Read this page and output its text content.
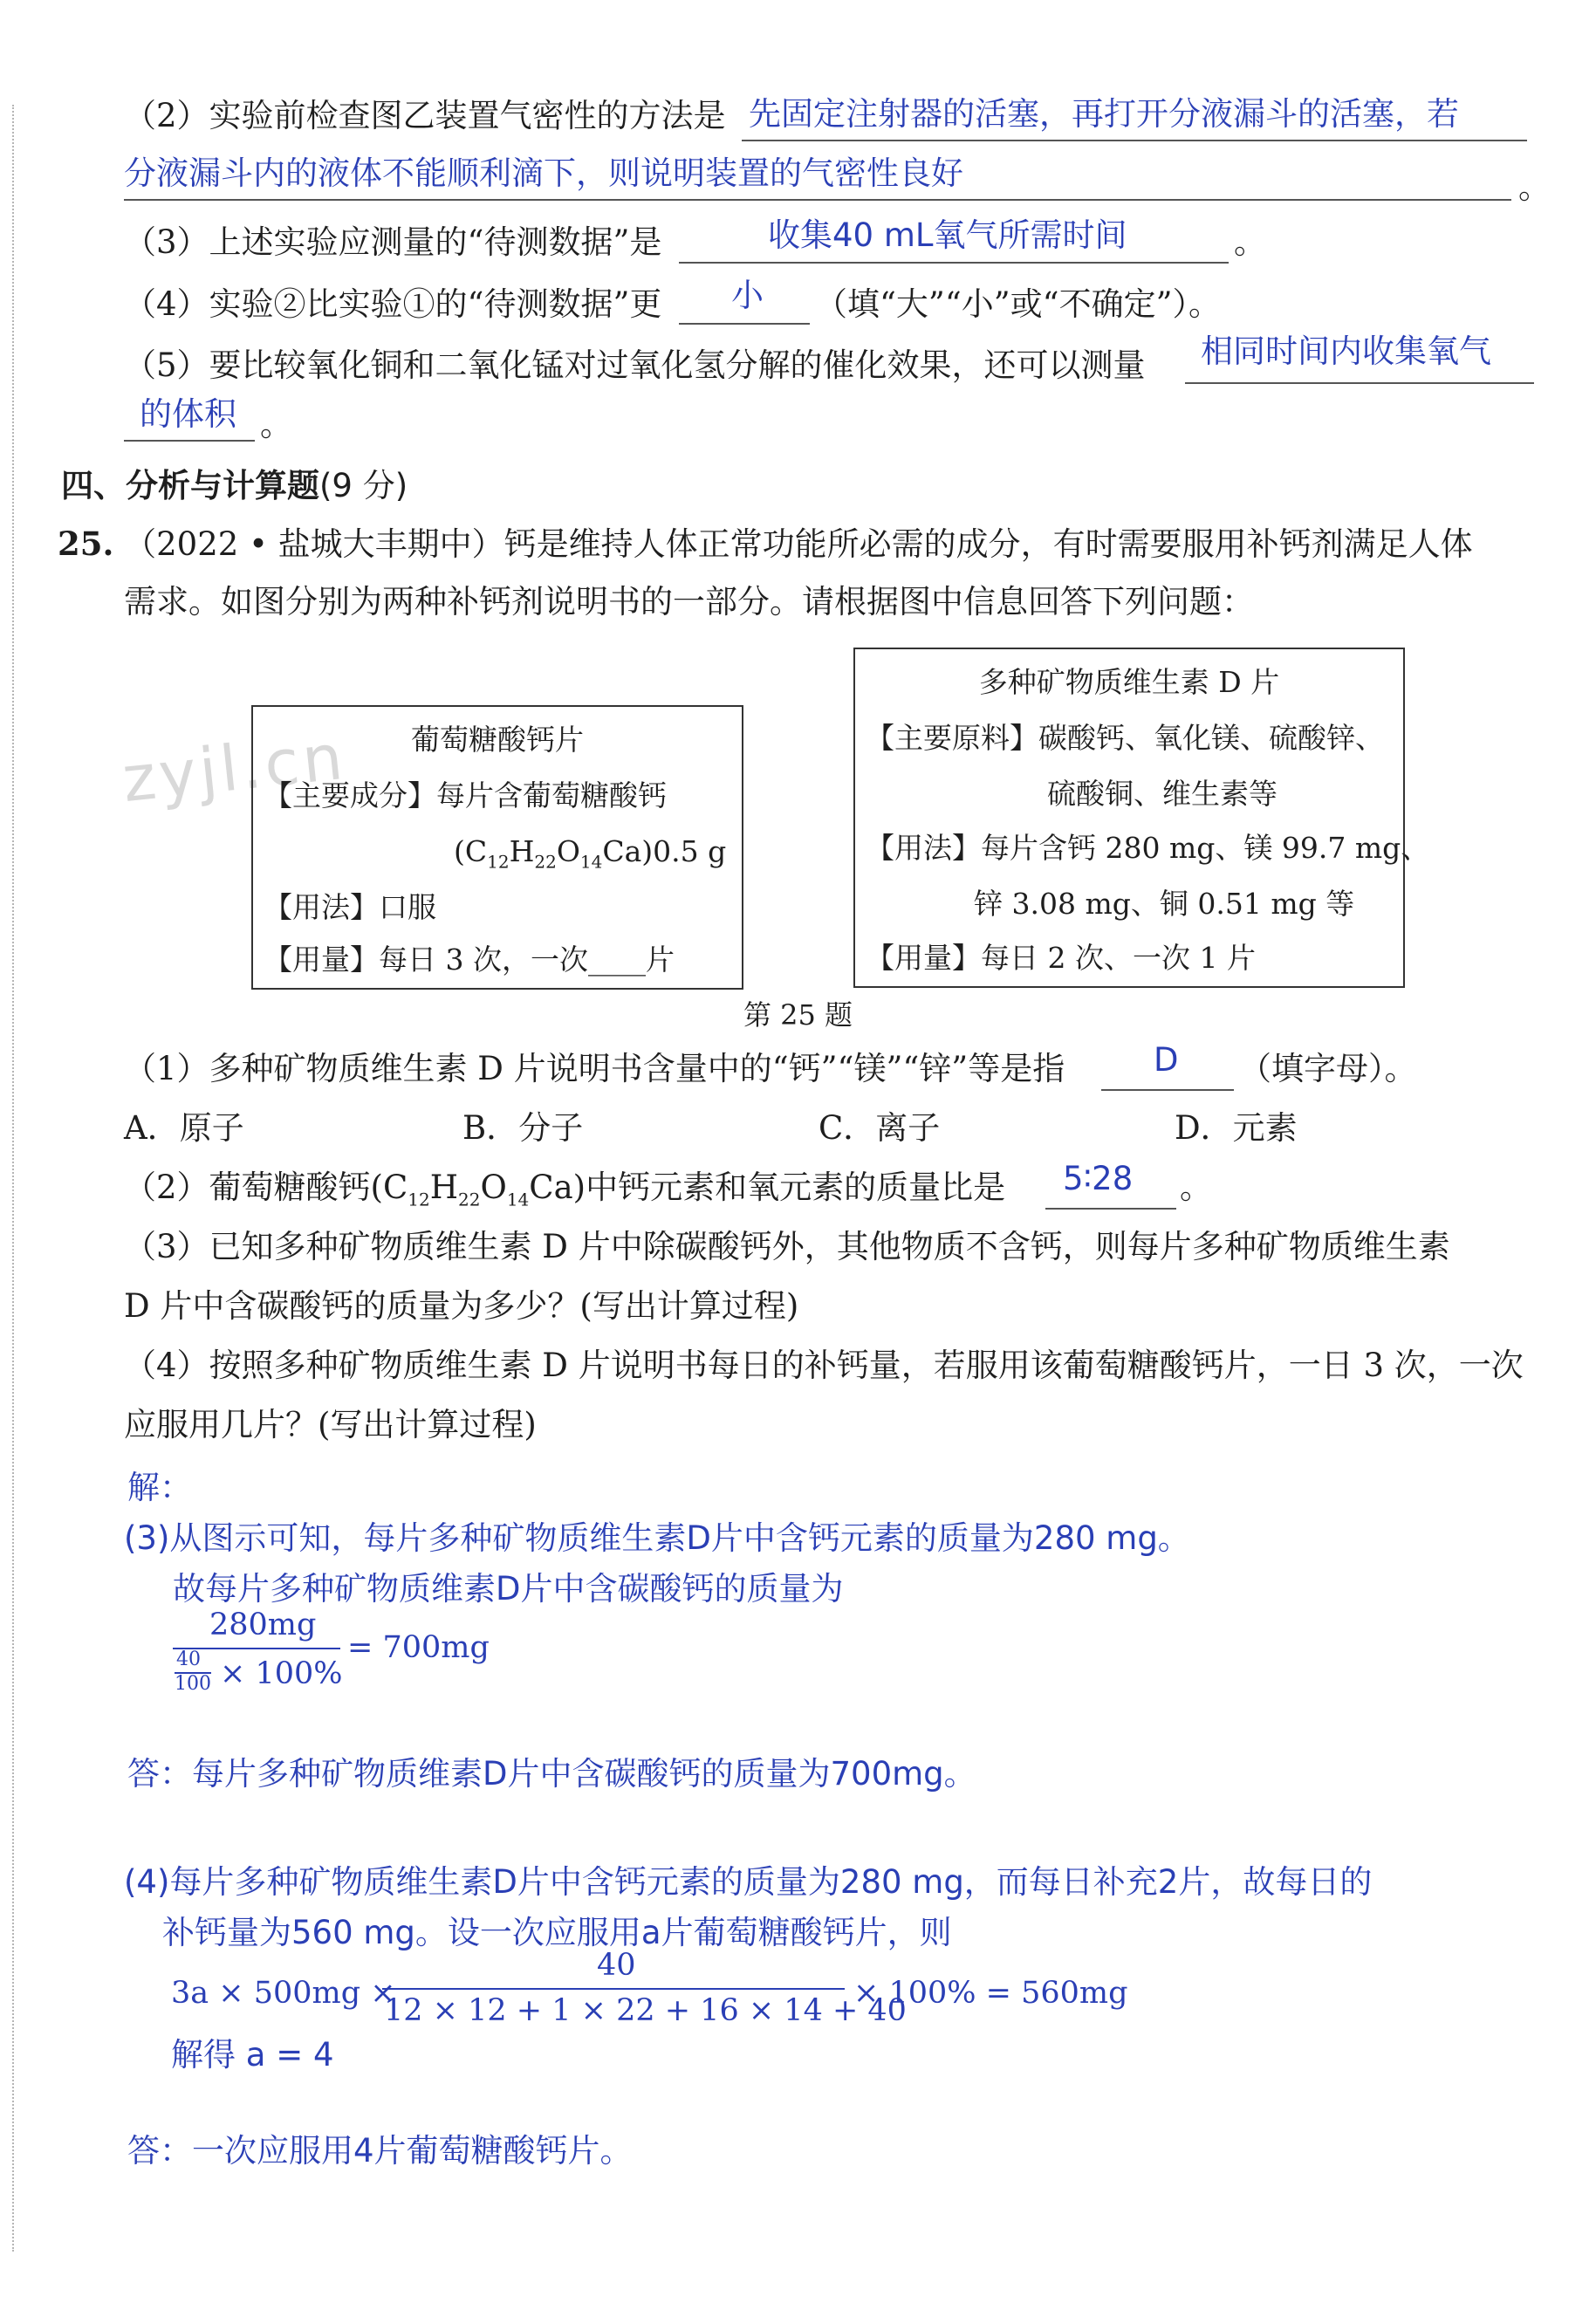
zyjl.cn
（2）实验前检查图乙装置气密性的方法是 先固定注射器的活塞，再打开分液漏斗的活塞，若
分液漏斗内的液体不能顺利滴下，则说明装置的气密性良好	。
（3）上述实验应测量的“待测数据”是	收集40 mL氧气所需时间	。
（4）实验②比实验①的“待测数据”更 小 （填“大”“小”或“不确定”）。
（5）要比较氧化铜和二氧化锰对过氧化氢分解的催化效果，还可以测量 相同时间内收集氧气
的体积 。
四、分析与计算题(9 分)
25. （2022 • 盐城大丰期中）钙是维持人体正常功能所必需的成分，有时需要服用补钙剂满足人体
需求。如图分别为两种补钙剂说明书的一部分。请根据图中信息回答下列问题：
葡萄糖酸钙片
【主要成分】每片含葡萄糖酸钙
$(C_{12}H_{22}O_{14}Ca)0.5$ g
【用法】口服
【用量】每日 3 次，一次____片
多种矿物质维生素 D 片
【主要原料】碳酸钙、氧化镁、硫酸锌、
硫酸铜、维生素等
【用法】每片含钙 280 mg、镁 99.7 mg、
锌 3.08 mg、铜 0.51 mg 等
【用量】每日 2 次、一次 1 片
第 25 题
（1）多种矿物质维生素 D 片说明书含量中的“钙”“镁”“锌”等是指	D （填字母）。
A．原子	B．分子	C．离子	D．元素
（2）葡萄糖酸钙$(C_{12}H_{22}O_{14}Ca)$中钙元素和氧元素的质量比是 5∶28 。
（3）已知多种矿物质维生素 D 片中除碳酸钙外，其他物质不含钙，则每片多种矿物质维生素
D 片中含碳酸钙的质量为多少？(写出计算过程)
（4）按照多种矿物质维生素 D 片说明书每日的补钙量，若服用该葡萄糖酸钙片，一日 3 次，一次
应服用几片？(写出计算过程)
解：
(3)从图示可知，每片多种矿物质维生素D片中含钙元素的质量为280 mg。
故每片多种矿物质维素D片中含碳酸钙的质量为
280mg
40
100 × 100%
= 700mg
答：每片多种矿物质维素D片中含碳酸钙的质量为700mg。
(4)每片多种矿物质维生素D片中含钙元素的质量为280 mg，而每日补充2片，故每日的
补钙量为560 mg。设一次应服用a片葡萄糖酸钙片，则
3a × 500mg ×
40
12 × 12 + 1 × 22 + 16 × 14 + 40
× 100% = 560mg
解得 a = 4
答：一次应服用4片葡萄糖酸钙片。
